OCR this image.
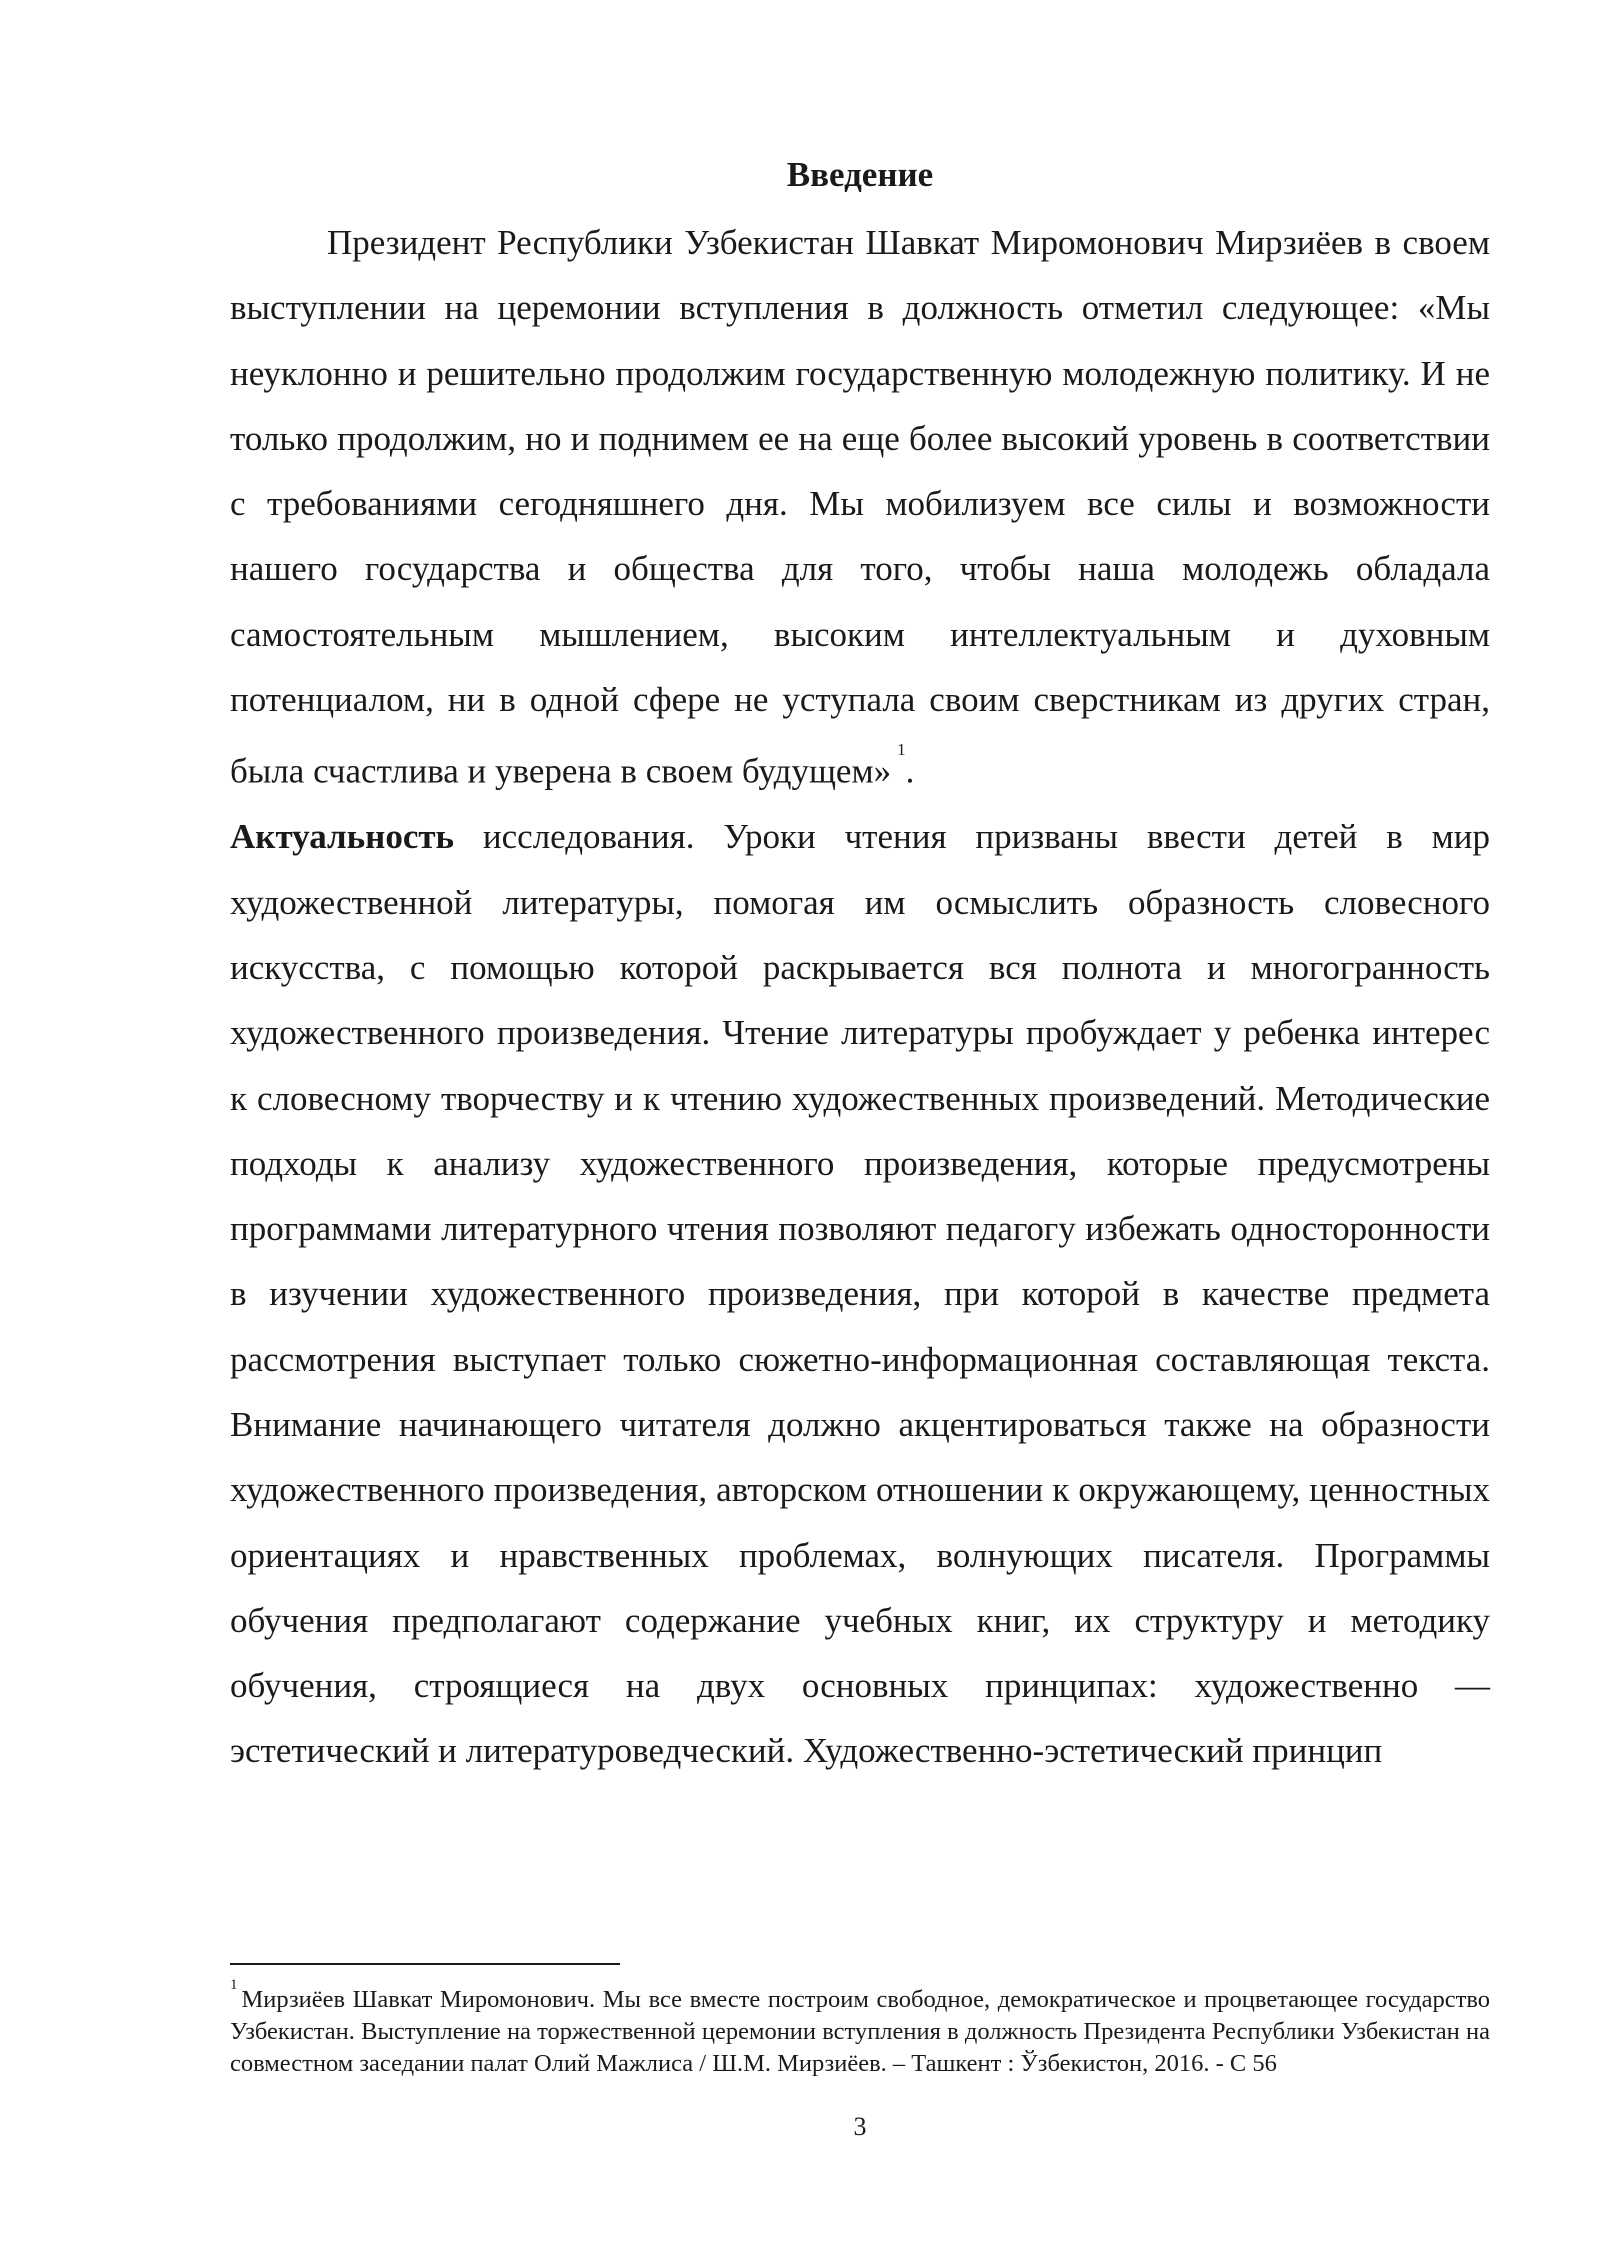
Введение

Президент Республики Узбекистан Шавкат Миромонович Мирзиёев в своем выступлении на церемонии вступления в должность отметил следующее: «Мы неуклонно и решительно продолжим государственную молодежную политику. И не только продолжим, но и поднимем ее на еще более высокий уровень в соответствии с требованиями сегодняшнего дня. Мы мобилизуем все силы и возможности нашего государства и общества для того, чтобы наша молодежь обладала самостоятельным мышлением, высоким интеллектуальным и духовным потенциалом, ни в одной сфере не уступала своим сверстникам из других стран, была счастлива и уверена в своем будущем»$^1$.

Актуальность исследования. Уроки чтения призваны ввести детей в мир художественной литературы, помогая им осмыслить образность словесного искусства, с помощью которой раскрывается вся полнота и многогранность художественного произведения. Чтение литературы пробуждает у ребенка интерес к словесному творчеству и к чтению художественных произведений. Методические подходы к анализу художественного произведения, которые предусмотрены программами литературного чтения позволяют педагогу избежать односторонности в изучении художественного произведения, при которой в качестве предмета рассмотрения выступает только сюжетно-информационная составляющая текста. Внимание начинающего читателя должно акцентироваться также на образности художественного произведения, авторском отношении к окружающему, ценностных ориентациях и нравственных проблемах, волнующих писателя. Программы обучения предполагают содержание учебных книг, их структуру и методику обучения, строящиеся на двух основных принципах: художественно — эстетический и литературоведческий. Художественно-эстетический принцип

$^1$Мирзиёев Шавкат Миромонович. Мы все вместе построим свободное, демократическое и процветающее государство Узбекистан. Выступление на торжественной церемонии вступления в должность Президента Республики Узбекистан на совместном заседании палат Олий Мажлиса / Ш.М. Мирзиёев. – Ташкент : Ўзбекистон, 2016. - С 56

3
